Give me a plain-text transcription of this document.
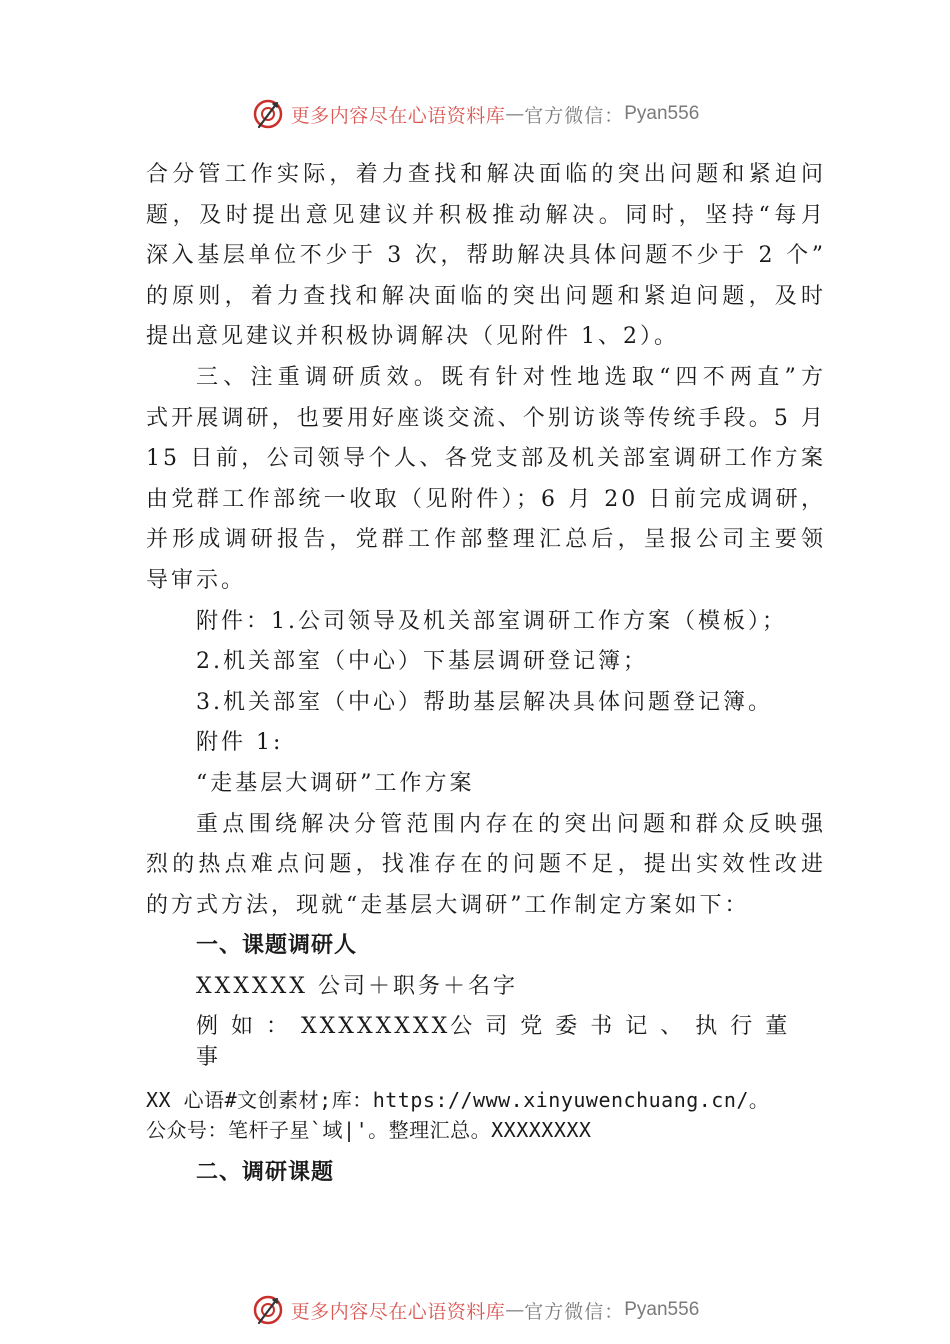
更多内容尽在心语资料库 — 官方微信： Pyan556
合分管工作实际，着力查找和解决面临的突出问题和紧迫问
题，及时提出意见建议并积极推动解决。同时，坚持“每月
深入基层单位不少于 3 次，帮助解决具体问题不少于 2 个”
的原则，着力查找和解决面临的突出问题和紧迫问题，及时
提出意见建议并积极协调解决（见附件 1、2）。
三、注重调研质效。既有针对性地选取“四不两直”方
式开展调研，也要用好座谈交流、个别访谈等传统手段。5 月
15 日前，公司领导个人、各党支部及机关部室调研工作方案
由党群工作部统一收取（见附件）；6 月 20 日前完成调研，
并形成调研报告，党群工作部整理汇总后，呈报公司主要领
导审示。
附件：1.公司领导及机关部室调研工作方案（模板）；
2.机关部室（中心）下基层调研登记簿；
3.机关部室（中心）帮助基层解决具体问题登记簿。
附件 1:
“走基层大调研”工作方案
重点围绕解决分管范围内存在的突出问题和群众反映强
烈的热点难点问题，找准存在的问题不足，提出实效性改进
的方式方法，现就“走基层大调研”工作制定方案如下：
一、课题调研人
XXXXXX 公司＋职务＋名字
例 如 ： XXXXXXXX公 司 党 委 书 记 、 执 行 董
事
XX 心语#文创素材;库：https://www.xinyuwenchuang.cn/。
公众号：笔杆子星`域|'。整理汇总。XXXXXXXX
二、调研课题
更多内容尽在心语资料库 — 官方微信： Pyan556
